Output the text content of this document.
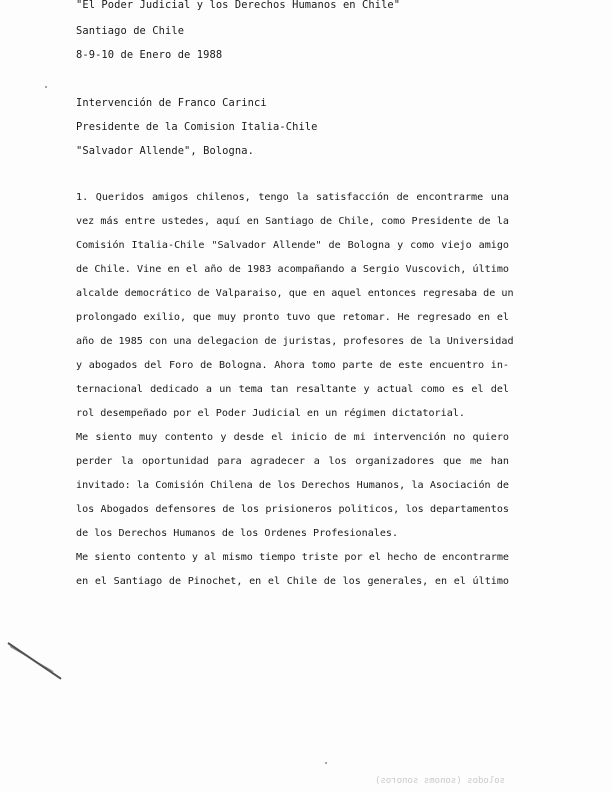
"El Poder Judicial y los Derechos Humanos en Chile"
Santiago de Chile
8-9-10 de Enero de 1988
Intervención de Franco Carinci
Presidente de la Comision Italia-Chile
"Salvador Allende", Bologna.
1. Queridos amigos chilenos, tengo la satisfacción de encontrarme una
vez más entre ustedes, aquí en Santiago de Chile, como Presidente de la
Comisión Italia-Chile "Salvador Allende" de Bologna y como viejo amigo
de Chile. Vine en el año de 1983 acompañando a Sergio Vuscovich, último
alcalde democrático de Valparaiso, que en aquel entonces regresaba de un
prolongado exilio, que muy pronto tuvo que retomar. He regresado en el
año de 1985 con una delegacion de juristas, profesores de la Universidad
y abogados del Foro de Bologna. Ahora tomo parte de este encuentro in-
ternacional dedicado a un tema tan resaltante y actual como es el del
rol desempeñado por el Poder Judicial en un régimen dictatorial.
Me siento muy contento y desde el inicio de mi intervención no quiero
perder la oportunidad para agradecer a los organizadores que me han
invitado: la Comisión Chilena de los Derechos Humanos, la Asociación de
los Abogados defensores de los prisioneros politicos, los departamentos
de los Derechos Humanos de los Ordenes Profesionales.
Me siento contento y al mismo tiempo triste por el hecho de encontrarme
en el Santiago de Pinochet, en el Chile de los generales, en el último
solodos (sonoms sonoros)
